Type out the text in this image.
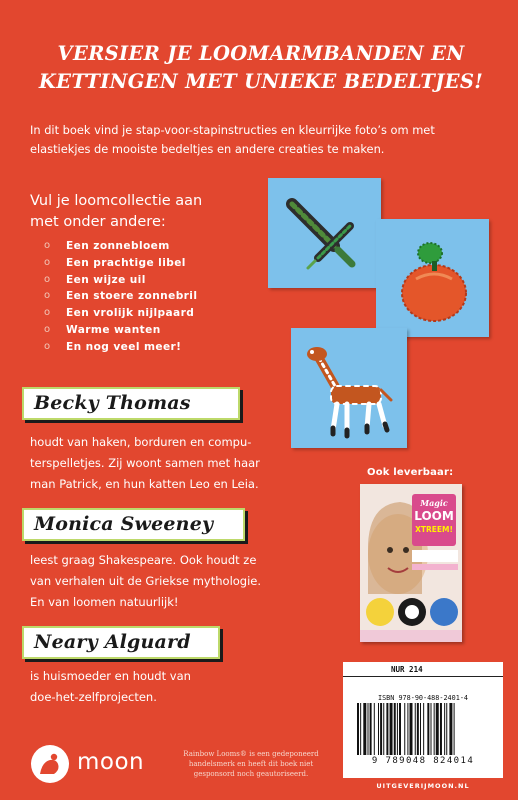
VERSIER JE LOOMARMBANDEN EN
KETTINGEN MET UNIEKE BEDELTJES!
In dit boek vind je stap-voor-stapinstructies en kleurrijke foto’s om met
elastiekjes de mooiste bedeltjes en andere creaties te maken.
Vul je loomcollectie aan
met onder andere:
o Een zonnebloem
o Een prachtige libel
o Een wijze uil
o Een stoere zonnebril
o Een vrolijk nijlpaard
o Warme wanten
o En nog veel meer!
Becky Thomas
houdt van haken, borduren en compu-
terspelletjes. Zij woont samen met haar
man Patrick, en hun katten Leo en Leia.
Monica Sweeney
leest graag Shakespeare. Ook houdt ze
van verhalen uit de Griekse mythologie.
En van loomen natuurlijk!
Neary Alguard
is huismoeder en houdt van
doe-het-zelfprojecten.
Ook leverbaar:
Magic
LOOM
XTREEM!
NUR 214
ISBN 978-90-488-2401-4
9 789048 824014
UITGEVERIJMOON.NL
moon	Rainbow Looms® is een gedeponeerd
handelsmerk en heeft dit boek niet
gesponsord noch geautoriseerd.
